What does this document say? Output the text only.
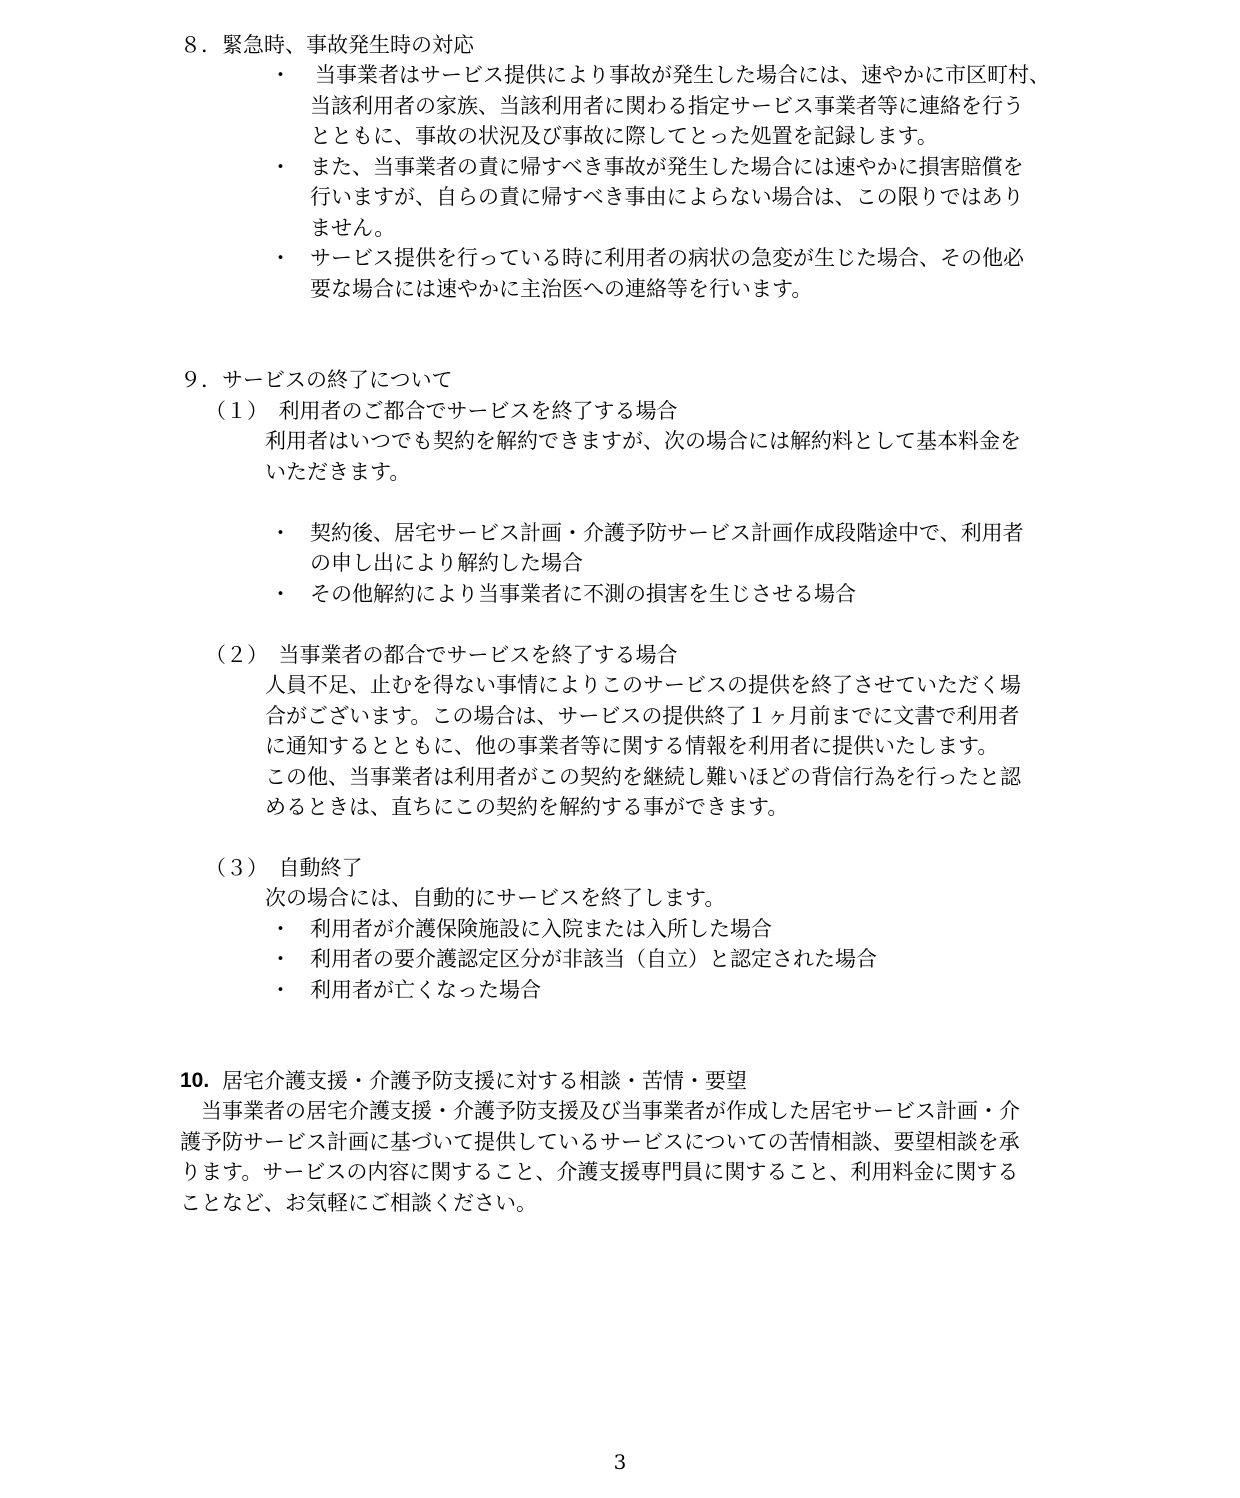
８．緊急時、事故発生時の対応
・ 当事業者はサービス提供により事故が発生した場合には、速やかに市区町村、
当該利用者の家族、当該利用者に関わる指定サービス事業者等に連絡を行う
とともに、事故の状況及び事故に際してとった処置を記録します。
・ また、当事業者の責に帰すべき事故が発生した場合には速やかに損害賠償を
行いますが、自らの責に帰すべき事由によらない場合は、この限りではあり
ません。
・ サービス提供を行っている時に利用者の病状の急変が生じた場合、その他必
要な場合には速やかに主治医への連絡等を行います。
９．サービスの終了について
（１）　利用者のご都合でサービスを終了する場合
利用者はいつでも契約を解約できますが、次の場合には解約料として基本料金を
いただきます。
・ 契約後、居宅サービス計画・介護予防サービス計画作成段階途中で、利用者
の申し出により解約した場合
・ その他解約により当事業者に不測の損害を生じさせる場合
（２）　当事業者の都合でサービスを終了する場合
人員不足、止むを得ない事情によりこのサービスの提供を終了させていただく場
合がございます。この場合は、サービスの提供終了１ヶ月前までに文書で利用者
に通知するとともに、他の事業者等に関する情報を利用者に提供いたします。
この他、当事業者は利用者がこの契約を継続し難いほどの背信行為を行ったと認
めるときは、直ちにこの契約を解約する事ができます。
（３）　自動終了
次の場合には、自動的にサービスを終了します。
・ 利用者が介護保険施設に入院または入所した場合
・ 利用者の要介護認定区分が非該当（自立）と認定された場合
・ 利用者が亡くなった場合
10. 居宅介護支援・介護予防支援に対する相談・苦情・要望
　当事業者の居宅介護支援・介護予防支援及び当事業者が作成した居宅サービス計画・介
護予防サービス計画に基づいて提供しているサービスについての苦情相談、要望相談を承
ります。サービスの内容に関すること、介護支援専門員に関すること、利用料金に関する
ことなど、お気軽にご相談ください。
3
